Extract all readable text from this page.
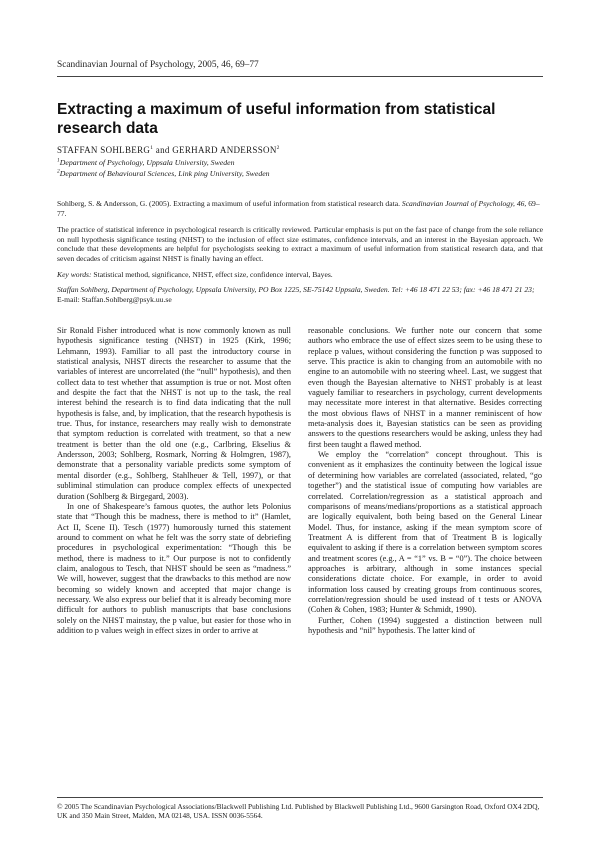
Scandinavian Journal of Psychology, 2005, 46, 69–77
Extracting a maximum of useful information from statistical research data
STAFFAN SOHLBERG$^1$ and GERHARD ANDERSSON$^2$
$^1$Department of Psychology, Uppsala University, Sweden
$^2$Department of Behavioural Sciences, Link ping University, Sweden
Sohlberg, S. & Andersson, G. (2005). Extracting a maximum of useful information from statistical research data. Scandinavian Journal of Psychology, 46, 69–77.
The practice of statistical inference in psychological research is critically reviewed. Particular emphasis is put on the fast pace of change from the sole reliance on null hypothesis significance testing (NHST) to the inclusion of effect size estimates, confidence intervals, and an interest in the Bayesian approach. We conclude that these developments are helpful for psychologists seeking to extract a maximum of useful information from statistical research data, and that seven decades of criticism against NHST is finally having an effect.
Key words: Statistical method, significance, NHST, effect size, confidence interval, Bayes.
Staffan Sohlberg, Department of Psychology, Uppsala University, PO Box 1225, SE-75142 Uppsala, Sweden. Tel: +46 18 471 22 53; fax: +46 18 471 21 23; E-mail: Staffan.Sohlberg@psyk.uu.se

Sir Ronald Fisher introduced what is now commonly known as null hypothesis significance testing (NHST) in 1925 (Kirk, 1996; Lehmann, 1993). Familiar to all past the introductory course in statistical analysis, NHST directs the researcher to assume that the variables of interest are uncorrelated (the “null” hypothesis), and then collect data to test whether that assumption is true or not. Most often and despite the fact that the NHST is not up to the task, the real interest behind the research is to find data indicating that the null hypothesis is false, and, by implication, that the research hypothesis is true. Thus, for instance, researchers may really wish to demonstrate that symptom reduction is correlated with treatment, so that a new treatment is better than the old one (e.g., Carlbring, Ekselius & Andersson, 2003; Sohlberg, Rosmark, Norring & Holmgren, 1987), demonstrate that a personality variable predicts some symptom of mental disorder (e.g., Sohlberg, Stahlheuer & Tell, 1997), or that subliminal stimulation can produce complex effects of unexpected duration (Sohlberg & Birgegard, 2003).

In one of Shakespeare’s famous quotes, the author lets Polonius state that “Though this be madness, there is method to it” (Hamlet, Act II, Scene II). Tesch (1977) humorously turned this statement around to comment on what he felt was the sorry state of debriefing procedures in psychological experimentation: “Though this be method, there is madness to it.” Our purpose is not to confidently claim, analogous to Tesch, that NHST should be seen as “madness.” We will, however, suggest that the drawbacks to this method are now becoming so widely known and accepted that major change is necessary. We also express our belief that it is already becoming more difficult for authors to publish manuscripts that base conclusions solely on the NHST mainstay, the p value, but easier for those who in addition to p values weigh in effect sizes in order to arrive at

reasonable conclusions. We further note our concern that some authors who embrace the use of effect sizes seem to be using these to replace p values, without considering the function p was supposed to serve. This practice is akin to changing from an automobile with no engine to an automobile with no steering wheel. Last, we suggest that even though the Bayesian alternative to NHST probably is at least vaguely familiar to researchers in psychology, current developments may necessitate more interest in that alternative. Besides correcting the most obvious flaws of NHST in a manner reminiscent of how meta-analysis does it, Bayesian statistics can be seen as providing answers to the questions researchers would be asking, unless they had first been taught a flawed method.

We employ the “correlation” concept throughout. This is convenient as it emphasizes the continuity between the logical issue of determining how variables are correlated (associated, related, “go together”) and the statistical issue of computing how variables are correlated. Correlation/regression as a statistical approach and comparisons of means/medians/proportions as a statistical approach are logically equivalent, both being based on the General Linear Model. Thus, for instance, asking if the mean symptom score of Treatment A is different from that of Treatment B is logically equivalent to asking if there is a correlation between symptom scores and treatment scores (e.g., A = “1” vs. B = “0”). The choice between approaches is arbitrary, although in some instances special considerations dictate choice. For example, in order to avoid information loss caused by creating groups from continuous scores, correlation/regression should be used instead of t tests or ANOVA (Cohen & Cohen, 1983; Hunter & Schmidt, 1990).

Further, Cohen (1994) suggested a distinction between null hypothesis and “nil” hypothesis. The latter kind of

© 2005 The Scandinavian Psychological Associations/Blackwell Publishing Ltd. Published by Blackwell Publishing Ltd., 9600 Garsington Road, Oxford OX4 2DQ, UK and 350 Main Street, Malden, MA 02148, USA. ISSN 0036-5564.
